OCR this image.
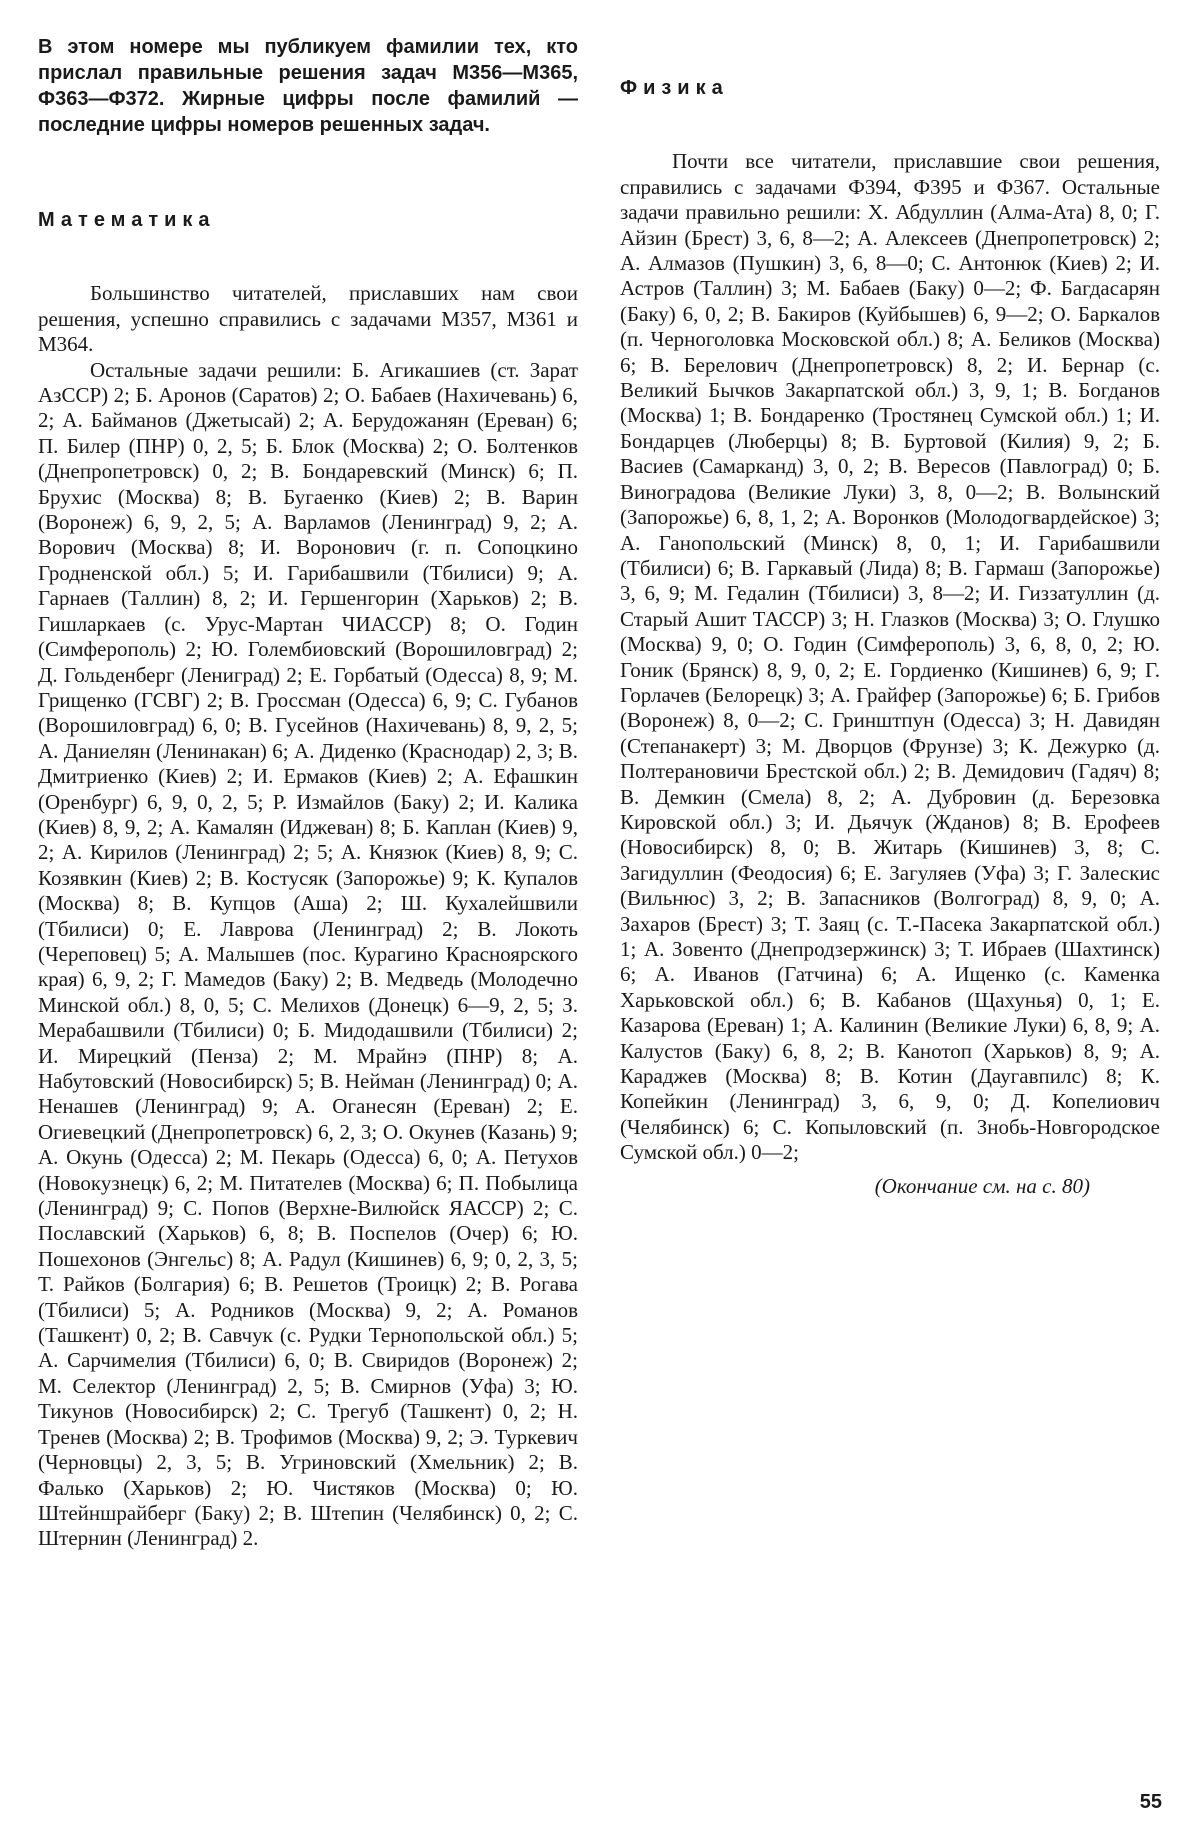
В этом номере мы публикуем фамилии тех, кто прислал правильные решения задач М356—М365, Ф363—Ф372. Жирные цифры после фамилий — последние цифры номеров решенных задач.

Математика

Большинство читателей, приславших нам свои решения, успешно справились с задачами М357, М361 и М364.

Остальные задачи решили: Б. Агикашиев (ст. Зарат АзССР) 2; Б. Аронов (Саратов) 2; О. Бабаев (Нахичевань) 6, 2; А. Байманов (Джетысай) 2; А. Берудожанян (Ереван) 6; П. Билер (ПНР) 0, 2, 5; Б. Блок (Москва) 2; О. Болтенков (Днепропетровск) 0, 2; В. Бондаревский (Минск) 6; П. Брухис (Москва) 8; В. Бугаенко (Киев) 2; В. Варин (Воронеж) 6, 9, 2, 5; А. Варламов (Ленинград) 9, 2; А. Ворович (Москва) 8; И. Воронович (г. п. Сопоцкино Гродненской обл.) 5; И. Гарибашвили (Тбилиси) 9; А. Гарнаев (Таллин) 8, 2; И. Гершенгорин (Харьков) 2; В. Гишларкаев (с. Урус-Мартан ЧИАССР) 8; О. Годин (Симферополь) 2; Ю. Голембиовский (Ворошиловград) 2; Д. Гольденберг (Лениград) 2; Е. Горбатый (Одесса) 8, 9; М. Грищенко (ГСВГ) 2; В. Гроссман (Одесса) 6, 9; С. Губанов (Ворошиловград) 6, 0; В. Гусейнов (Нахичевань) 8, 9, 2, 5; А. Даниелян (Ленинакан) 6; А. Диденко (Краснодар) 2, 3; В. Дмитриенко (Киев) 2; И. Ермаков (Киев) 2; А. Ефашкин (Оренбург) 6, 9, 0, 2, 5; Р. Измайлов (Баку) 2; И. Калика (Киев) 8, 9, 2; А. Камалян (Иджеван) 8; Б. Каплан (Киев) 9, 2; А. Кирилов (Ленинград) 2; 5; А. Князюк (Киев) 8, 9; С. Козявкин (Киев) 2; В. Костусяк (Запорожье) 9; К. Купалов (Москва) 8; В. Купцов (Аша) 2; Ш. Кухалейшвили (Тбилиси) 0; Е. Лаврова (Ленинград) 2; В. Локоть (Череповец) 5; А. Малышев (пос. Курагино Красноярского края) 6, 9, 2; Г. Мамедов (Баку) 2; В. Медведь (Молодечно Минской обл.) 8, 0, 5; С. Мелихов (Донецк) 6—9, 2, 5; З. Мерабашвили (Тбилиси) 0; Б. Мидодашвили (Тбилиси) 2; И. Мирецкий (Пенза) 2; М. Мрайнэ (ПНР) 8; А. Набутовский (Новосибирск) 5; В. Нейман (Ленинград) 0; А. Ненашев (Ленинград) 9; А. Оганесян (Ереван) 2; Е. Огиевецкий (Днепропетровск) 6, 2, 3; О. Окунев (Казань) 9; А. Окунь (Одесса) 2; М. Пекарь (Одесса) 6, 0; А. Петухов (Новокузнецк) 6, 2; М. Питателев (Москва) 6; П. Побылица (Ленинград) 9; С. Попов (Верхне-Вилюйск ЯАССР) 2; С. Пославский (Харьков) 6, 8; В. Поспелов (Очер) 6; Ю. Пошехонов (Энгельс) 8; А. Радул (Кишинев) 6, 9; 0, 2, 3, 5; Т. Райков (Болгария) 6; В. Решетов (Троицк) 2; В. Рогава (Тбилиси) 5; А. Родников (Москва) 9, 2; А. Романов (Ташкент) 0, 2; В. Савчук (с. Рудки Тернопольской обл.) 5; А. Сарчимелия (Тбилиси) 6, 0; В. Свиридов (Воронеж) 2; М. Селектор (Ленинград) 2, 5; В. Смирнов (Уфа) 3; Ю. Тикунов (Новосибирск) 2; С. Трегуб (Ташкент) 0, 2; Н. Тренев (Москва) 2; В. Трофимов (Москва) 9, 2; Э. Туркевич (Черновцы) 2, 3, 5; В. Угриновский (Хмельник) 2; В. Фалько (Харьков) 2; Ю. Чистяков (Москва) 0; Ю. Штейншрайберг (Баку) 2; В. Штепин (Челябинск) 0, 2; С. Штернин (Ленинград) 2.

Физика

Почти все читатели, приславшие свои решения, справились с задачами Ф394, Ф395 и Ф367. Остальные задачи правильно решили: Х. Абдуллин (Алма-Ата) 8, 0; Г. Айзин (Брест) 3, 6, 8—2; А. Алексеев (Днепропетровск) 2; А. Алмазов (Пушкин) 3, 6, 8—0; С. Антонюк (Киев) 2; И. Астров (Таллин) 3; М. Бабаев (Баку) 0—2; Ф. Багдасарян (Баку) 6, 0, 2; В. Бакиров (Куйбышев) 6, 9—2; О. Баркалов (п. Черноголовка Московской обл.) 8; А. Беликов (Москва) 6; В. Берелович (Днепропетровск) 8, 2; И. Бернар (с. Великий Бычков Закарпатской обл.) 3, 9, 1; В. Богданов (Москва) 1; В. Бондаренко (Тростянец Сумской обл.) 1; И. Бондарцев (Люберцы) 8; В. Буртовой (Килия) 9, 2; Б. Васиев (Самарканд) 3, 0, 2; В. Вересов (Павлоград) 0; Б. Виноградова (Великие Луки) 3, 8, 0—2; В. Волынский (Запорожье) 6, 8, 1, 2; А. Воронков (Молодогвардейское) 3; А. Ганопольский (Минск) 8, 0, 1; И. Гарибашвили (Тбилиси) 6; В. Гаркавый (Лида) 8; В. Гармаш (Запорожье) 3, 6, 9; М. Гедалин (Тбилиси) 3, 8—2; И. Гиззатуллин (д. Старый Ашит ТАССР) 3; Н. Глазков (Москва) 3; О. Глушко (Москва) 9, 0; О. Годин (Симферополь) 3, 6, 8, 0, 2; Ю. Гоник (Брянск) 8, 9, 0, 2; Е. Гордиенко (Кишинев) 6, 9; Г. Горлачев (Белорецк) 3; А. Грайфер (Запорожье) 6; Б. Грибов (Воронеж) 8, 0—2; С. Гринштпун (Одесса) 3; Н. Давидян (Степанакерт) 3; М. Дворцов (Фрунзе) 3; К. Дежурко (д. Полтерановичи Брестской обл.) 2; В. Демидович (Гадяч) 8; В. Демкин (Смела) 8, 2; А. Дубровин (д. Березовка Кировской обл.) 3; И. Дьячук (Жданов) 8; В. Ерофеев (Новосибирск) 8, 0; В. Житарь (Кишинев) 3, 8; С. Загидуллин (Феодосия) 6; Е. Загуляев (Уфа) 3; Г. Залескис (Вильнюс) 3, 2; В. Запасников (Волгоград) 8, 9, 0; А. Захаров (Брест) 3; Т. Заяц (с. Т.-Пасека Закарпатской обл.) 1; А. Зовенто (Днепродзержинск) 3; Т. Ибраев (Шахтинск) 6; А. Иванов (Гатчина) 6; А. Ищенко (с. Каменка Харьковской обл.) 6; В. Кабанов (Щахунья) 0, 1; Е. Казарова (Ереван) 1; А. Калинин (Великие Луки) 6, 8, 9; А. Калустов (Баку) 6, 8, 2; В. Канотоп (Харьков) 8, 9; А. Караджев (Москва) 8; В. Котин (Даугавпилс) 8; К. Копейкин (Ленинград) 3, 6, 9, 0; Д. Копелиович (Челябинск) 6; С. Копыловский (п. Знобь-Новгородское Сумской обл.) 0—2;

(Окончание см. на с. 80)

55
